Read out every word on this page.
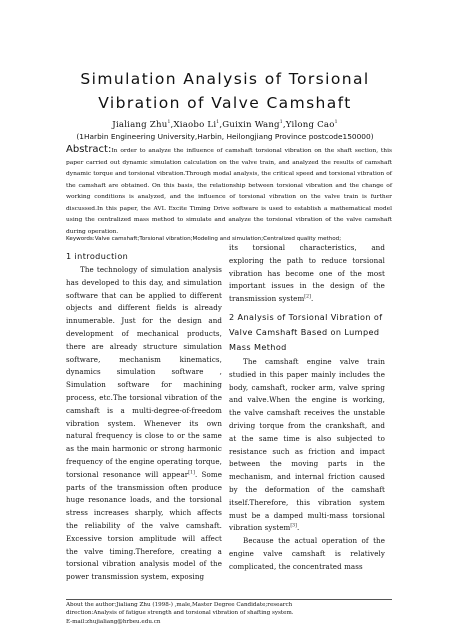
Simulation Analysis of Torsional
Vibration of Valve Camshaft
Jialiang Zhu$^1$,Xiaobo Li$^1$,Guixin Wang$^1$,Yilong Cao$^1$
(1Harbin Engineering University,Harbin, Heilongjiang Province postcode150000)

Abstract:In order to analyze the influence of camshaft torsional vibration on the shaft section, this paper carried out dynamic simulation calculation on the valve train, and analyzed the results of camshaft dynamic torque and torsional vibration.Through modal analysis, the critical speed and torsional vibration of the camshaft are obtained. On this basis, the relationship between torsional vibration and the change of working conditions is analyzed, and the influence of torsional vibration on the valve train is further discussed.In this paper, the AVL Excite Timing Drive software is used to establish a mathematical model using the centralized mass method to simulate and analyze the torsional vibration of the valve camshaft during operation.

Keywords:Valve camshaft;Torsional vibration;Modeling and simulation;Centralized quality method;

1 introduction

The technology of simulation analysis has developed to this day, and simulation software that can be applied to different objects and different fields is already innumerable. Just for the design and development of mechanical products, there are already structure simulation software, mechanism kinematics, dynamics simulation software , Simulation software for machining process, etc.The torsional vibration of the camshaft is a multi-degree-of-freedom vibration system. Whenever its own natural frequency is close to or the same as the main harmonic or strong harmonic frequency of the engine operating torque, torsional resonance will appear[1]. Some parts of the transmission often produce huge resonance loads, and the torsional stress increases sharply, which affects the reliability of the valve camshaft. Excessive torsion amplitude will affect the valve timing.Therefore, creating a torsional vibration analysis model of the power transmission system, exposing

its torsional characteristics, and exploring the path to reduce torsional vibration has become one of the most important issues in the design of the transmission system[2].

2 Analysis of Torsional Vibration of Valve Camshaft Based on Lumped Mass Method

The camshaft engine valve train studied in this paper mainly includes the body, camshaft, rocker arm, valve spring and valve.When the engine is working, the valve camshaft receives the unstable driving torque from the crankshaft, and at the same time is also subjected to resistance such as friction and impact between the moving parts in the mechanism, and internal friction caused by the deformation of the camshaft itself.Therefore, this vibration system must be a damped multi-mass torsional vibration system[3].

Because the actual operation of the engine valve camshaft is relatively complicated, the concentrated mass

About the author:Jialiang Zhu (1998-) ,male,Master Degree Candidate;research
direction:Analysis of fatigue strength and torsional vibration of shafting system.
E-mail:zhujialiang@hrbeu.edu.cn
